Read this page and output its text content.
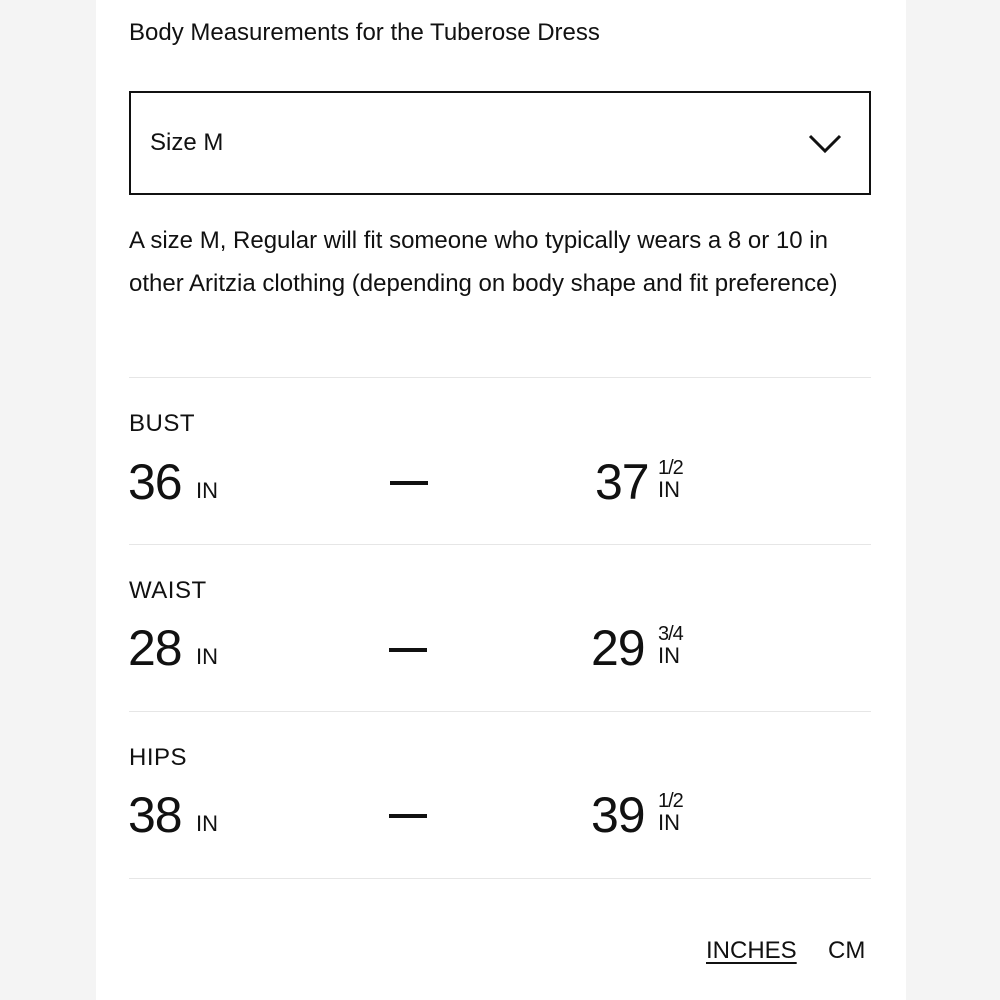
Body Measurements for the Tuberose Dress
Size M
A size M, Regular will fit someone who typically wears a 8 or 10 in other Aritzia clothing (depending on body shape and fit preference)
BUST
36 IN	37 1/2
IN
WAIST
28 IN	29 3/4
IN
HIPS
38 IN	39 1/2
IN
INCHES CM
